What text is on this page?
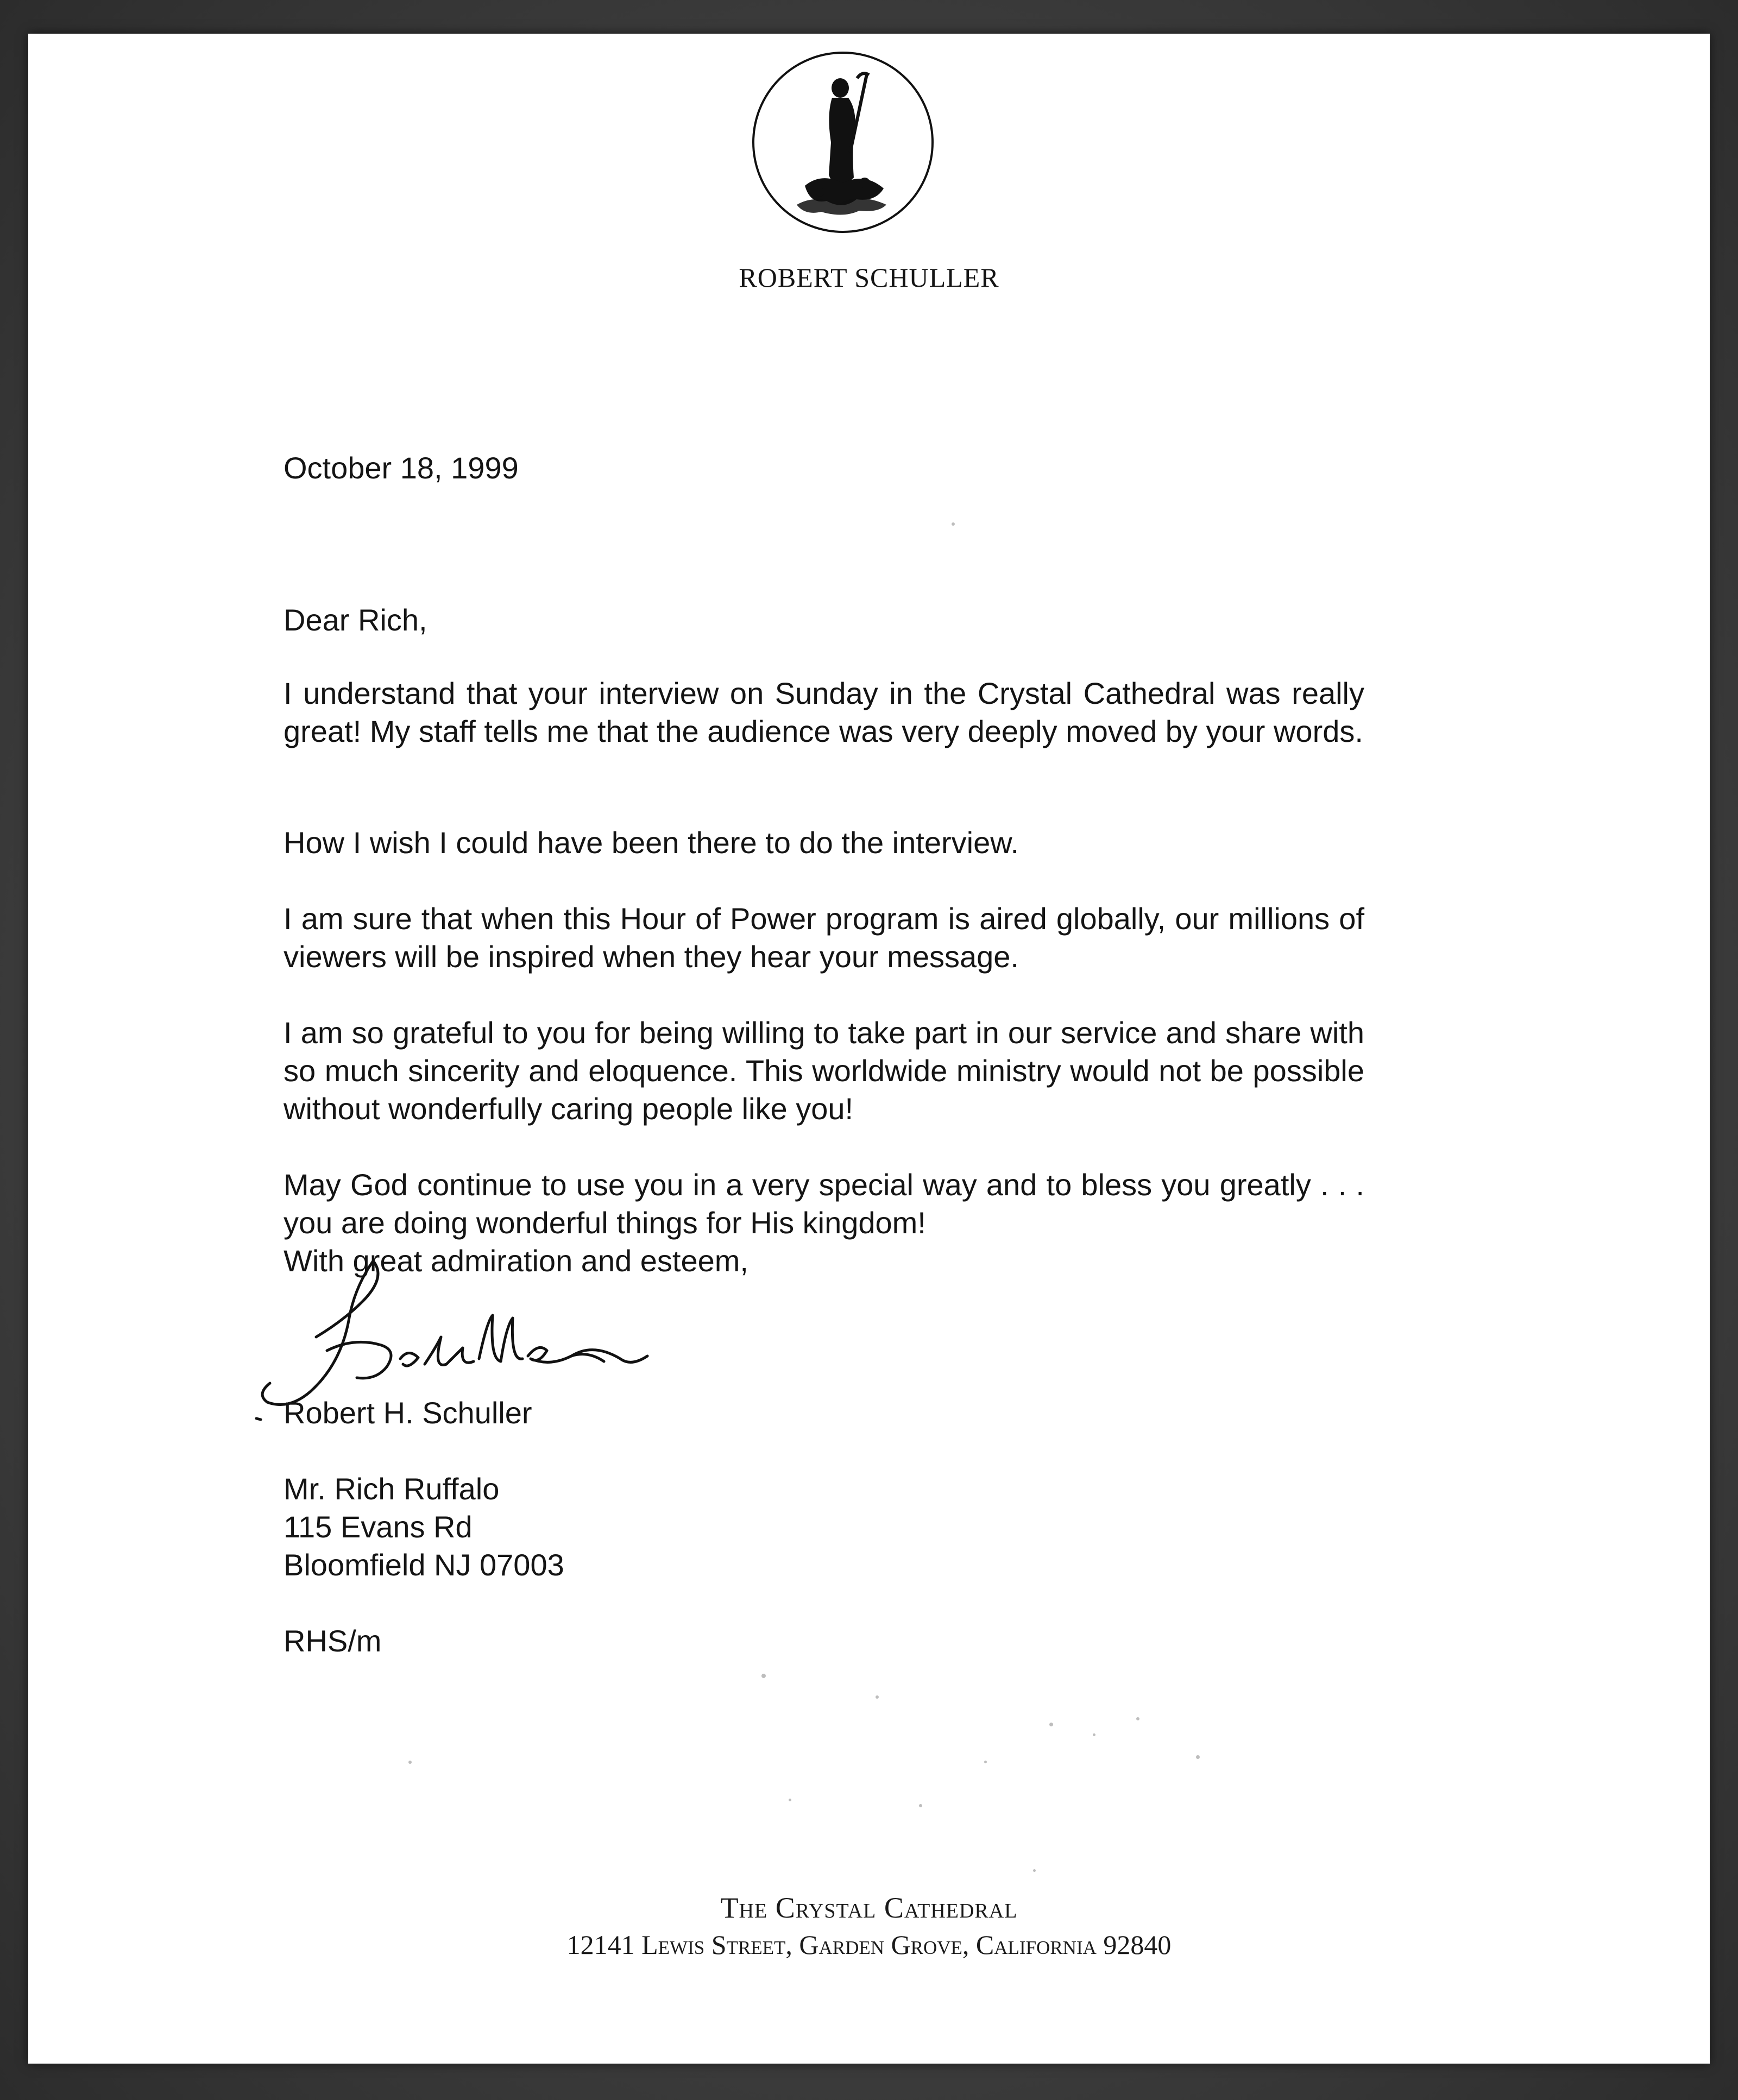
ROBERT SCHULLER
October 18, 1999
Dear Rich,
I understand that your interview on Sunday in the Crystal Cathedral was really great! My staff tells me that the audience was very deeply moved by your words.
How I wish I could have been there to do the interview.
I am sure that when this Hour of Power program is aired globally, our millions of viewers will be inspired when they hear your message.
I am so grateful to you for being willing to take part in our service and share with so much sincerity and eloquence. This worldwide ministry would not be possible without wonderfully caring people like you!
May God continue to use you in a very special way and to bless you greatly . . . you are doing wonderful things for His kingdom!
With great admiration and esteem,
Robert H. Schuller
Mr. Rich Ruffalo
115 Evans Rd
Bloomfield NJ 07003
RHS/m
The Crystal Cathedral
12141 Lewis Street, Garden Grove, California 92840
